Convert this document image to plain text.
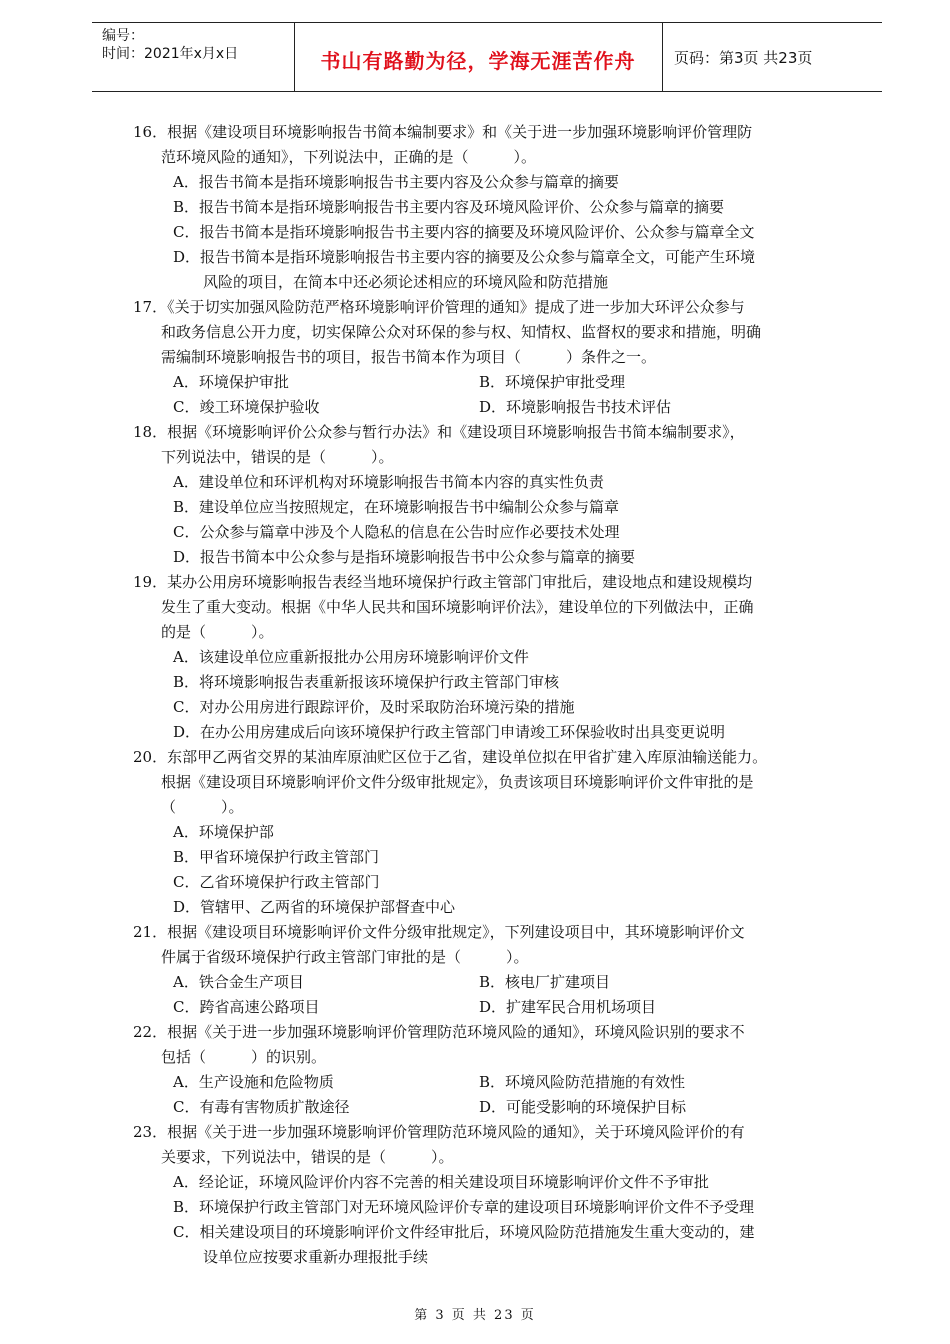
编号：
时间：2021年x月x日	书山有路勤为径，学海无涯苦作舟	页码：第3页 共23页
16．根据《建设项目环境影响报告书简本编制要求》和《关于进一步加强环境影响评价管理防
范环境风险的通知》，下列说法中，正确的是（　　　）。
A．报告书简本是指环境影响报告书主要内容及公众参与篇章的摘要
B．报告书简本是指环境影响报告书主要内容及环境风险评价、公众参与篇章的摘要
C．报告书简本是指环境影响报告书主要内容的摘要及环境风险评价、公众参与篇章全文
D．报告书简本是指环境影响报告书主要内容的摘要及公众参与篇章全文，可能产生环境
风险的项目，在简本中还必须论述相应的环境风险和防范措施
17．《关于切实加强风险防范严格环境影响评价管理的通知》提成了进一步加大环评公众参与
和政务信息公开力度，切实保障公众对环保的参与权、知情权、监督权的要求和措施，明确
需编制环境影响报告书的项目，报告书简本作为项目（　　　）条件之一。
A．环境保护审批	B．环境保护审批受理
C．竣工环境保护验收	D．环境影响报告书技术评估
18．根据《环境影响评价公众参与暂行办法》和《建设项目环境影响报告书简本编制要求》，
下列说法中，错误的是（　　　）。
A．建设单位和环评机构对环境影响报告书简本内容的真实性负责
B．建设单位应当按照规定，在环境影响报告书中编制公众参与篇章
C．公众参与篇章中涉及个人隐私的信息在公告时应作必要技术处理
D．报告书简本中公众参与是指环境影响报告书中公众参与篇章的摘要
19．某办公用房环境影响报告表经当地环境保护行政主管部门审批后，建设地点和建设规模均
发生了重大变动。根据《中华人民共和国环境影响评价法》，建设单位的下列做法中，正确
的是（　　　）。
A．该建设单位应重新报批办公用房环境影响评价文件
B．将环境影响报告表重新报该环境保护行政主管部门审核
C．对办公用房进行跟踪评价，及时采取防治环境污染的措施
D．在办公用房建成后向该环境保护行政主管部门申请竣工环保验收时出具变更说明
20．东部甲乙两省交界的某油库原油贮区位于乙省，建设单位拟在甲省扩建入库原油输送能力。
根据《建设项目环境影响评价文件分级审批规定》，负责该项目环境影响评价文件审批的是
（　　　）。
A．环境保护部
B．甲省环境保护行政主管部门
C．乙省环境保护行政主管部门
D．管辖甲、乙两省的环境保护部督查中心
21．根据《建设项目环境影响评价文件分级审批规定》，下列建设项目中，其环境影响评价文
件属于省级环境保护行政主管部门审批的是（　　　）。
A．铁合金生产项目	B．核电厂扩建项目
C．跨省高速公路项目	D．扩建军民合用机场项目
22．根据《关于进一步加强环境影响评价管理防范环境风险的通知》，环境风险识别的要求不
包括（　　　）的识别。
A．生产设施和危险物质	B．环境风险防范措施的有效性
C．有毒有害物质扩散途径	D．可能受影响的环境保护目标
23．根据《关于进一步加强环境影响评价管理防范环境风险的通知》，关于环境风险评价的有
关要求，下列说法中，错误的是（　　　）。
A．经论证，环境风险评价内容不完善的相关建设项目环境影响评价文件不予审批
B．环境保护行政主管部门对无环境风险评价专章的建设项目环境影响评价文件不予受理
C．相关建设项目的环境影响评价文件经审批后，环境风险防范措施发生重大变动的，建
设单位应按要求重新办理报批手续
第 3 页 共 23 页
